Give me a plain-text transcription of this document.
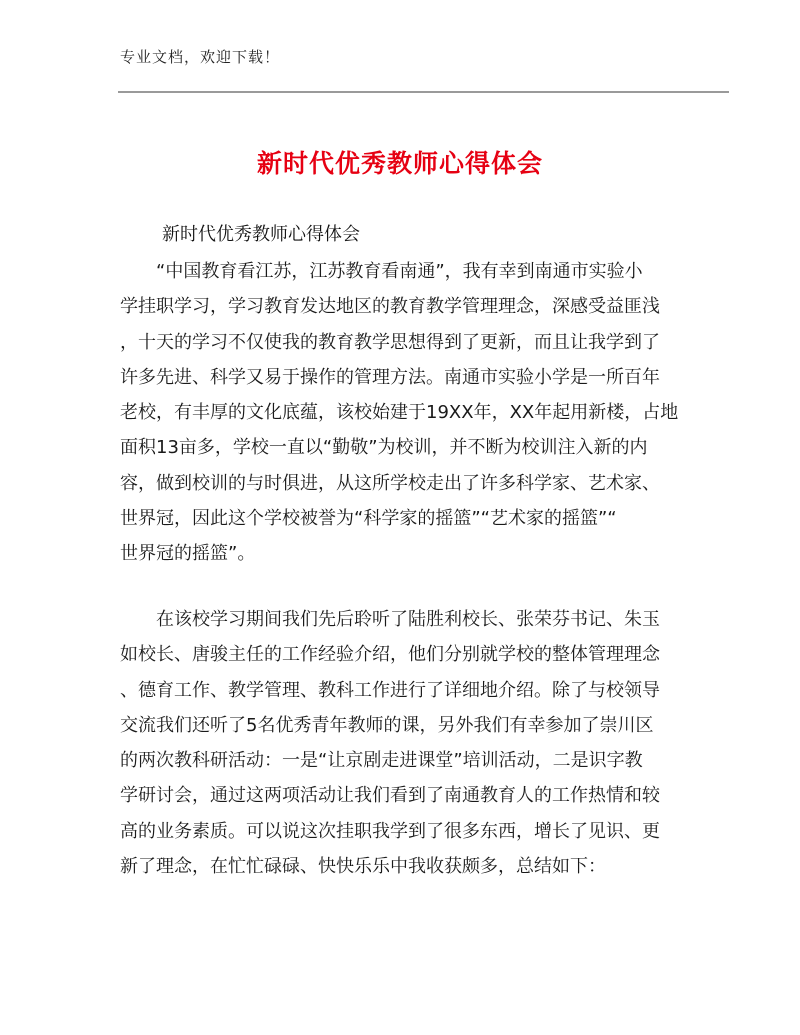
专业文档，欢迎下载！
新时代优秀教师心得体会
新时代优秀教师心得体会
“中国教育看江苏，江苏教育看南通”，我有幸到南通市实验小
学挂职学习，学习教育发达地区的教育教学管理理念，深感受益匪浅
，十天的学习不仅使我的教育教学思想得到了更新，而且让我学到了
许多先进、科学又易于操作的管理方法。南通市实验小学是一所百年
老校，有丰厚的文化底蕴，该校始建于19XX年，XX年起用新楼，占地
面积13亩多，学校一直以“勤敬”为校训，并不断为校训注入新的内
容，做到校训的与时俱进，从这所学校走出了许多科学家、艺术家、
世界冠，因此这个学校被誉为“科学家的摇篮”“艺术家的摇篮”“
世界冠的摇篮”。
在该校学习期间我们先后聆听了陆胜利校长、张荣芬书记、朱玉
如校长、唐骏主任的工作经验介绍，他们分别就学校的整体管理理念
、德育工作、教学管理、教科工作进行了详细地介绍。除了与校领导
交流我们还听了5名优秀青年教师的课，另外我们有幸参加了崇川区
的两次教科研活动：一是“让京剧走进课堂”培训活动，二是识字教
学研讨会，通过这两项活动让我们看到了南通教育人的工作热情和较
高的业务素质。可以说这次挂职我学到了很多东西，增长了见识、更
新了理念，在忙忙碌碌、快快乐乐中我收获颇多，总结如下：
